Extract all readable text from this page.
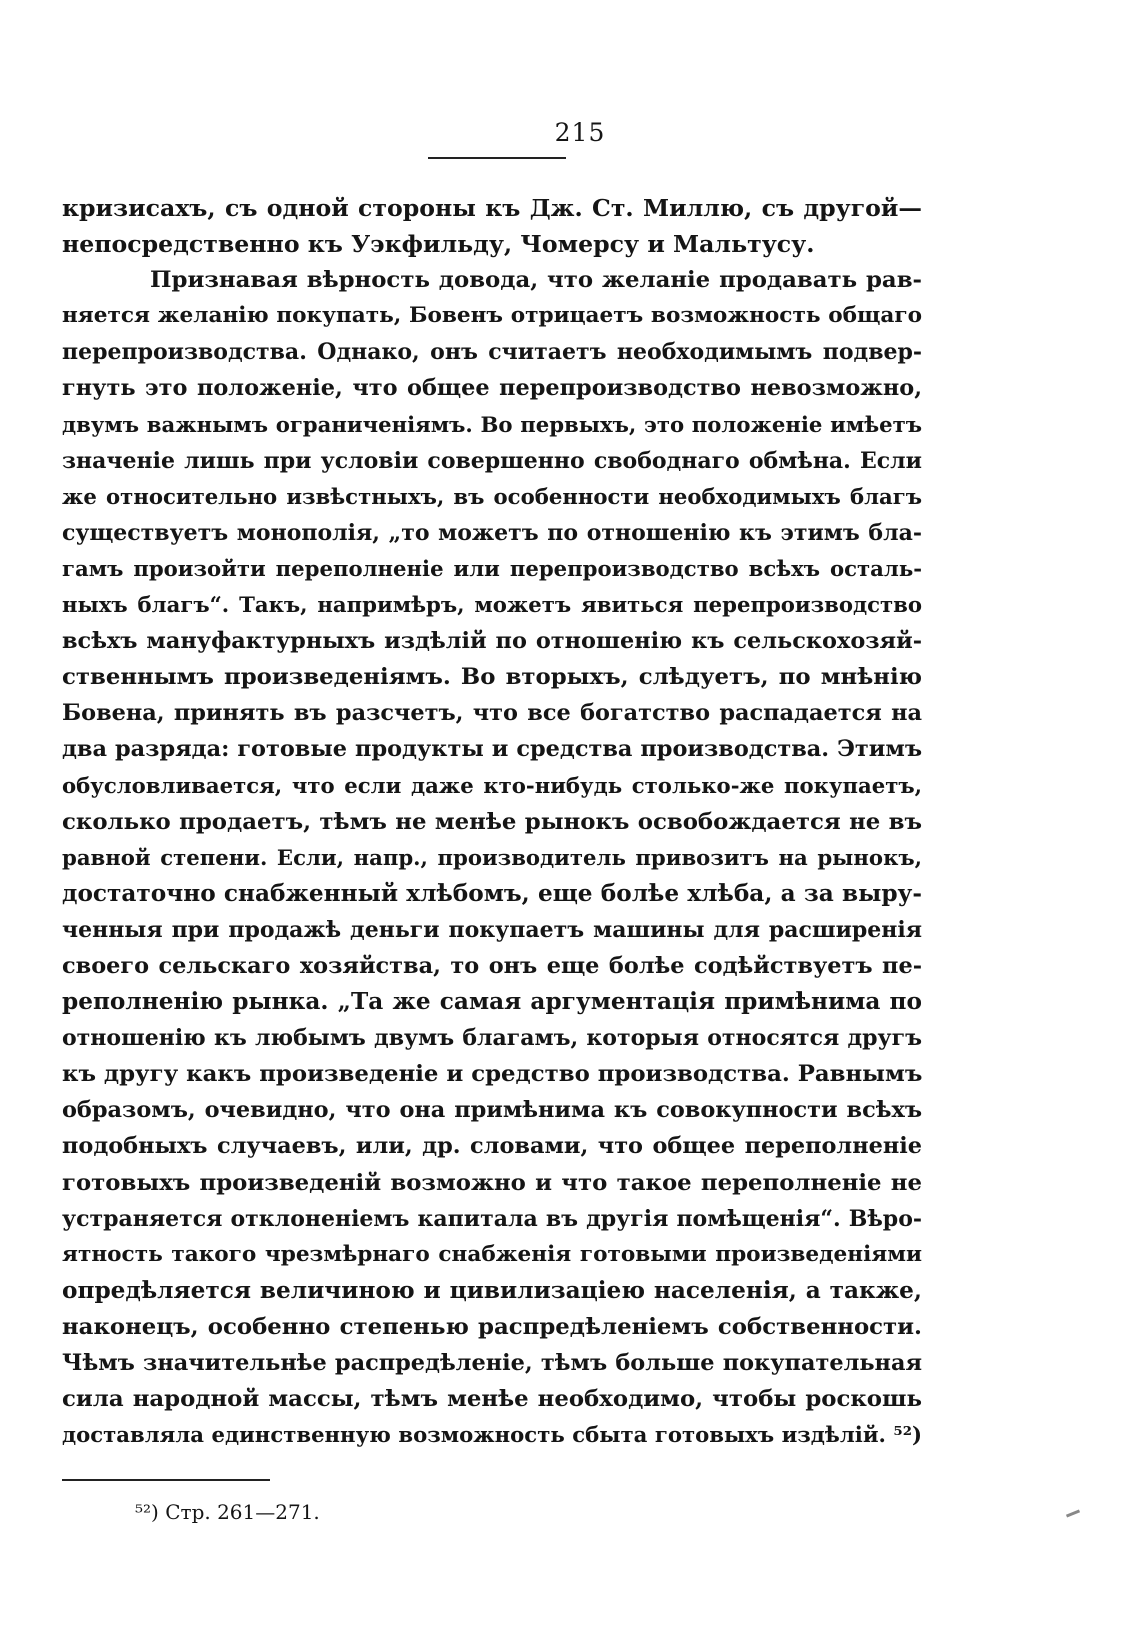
215
кризисахъ, съ одной стороны къ Дж. Ст. Миллю, съ другой—
непосредственно къ Уэкфильду, Чомерсу и Мальтусу.
Признавая вѣрность довода, что желаніе продавать рав-
няется желанію покупать, Бовенъ отрицаетъ возможность общаго
перепроизводства. Однако, онъ считаетъ необходимымъ подвер-
гнуть это положеніе, что общее перепроизводство невозможно,
двумъ важнымъ ограниченіямъ. Во первыхъ, это положеніе имѣетъ
значеніе лишь при условіи совершенно свободнаго обмѣна. Если
же относительно извѣстныхъ, въ особенности необходимыхъ благъ
существуетъ монополія, „то можетъ по отношенію къ этимъ бла-
гамъ произойти переполненіе или перепроизводство всѣхъ осталь-
ныхъ благъ“. Такъ, напримѣръ, можетъ явиться перепроизводство
всѣхъ мануфактурныхъ издѣлій по отношенію къ сельскохозяй-
ственнымъ произведеніямъ. Во вторыхъ, слѣдуетъ, по мнѣнію
Бовена, принять въ разсчетъ, что все богатство распадается на
два разряда: готовые продукты и средства производства. Этимъ
обусловливается, что если даже кто-нибудь столько-же покупаетъ,
сколько продаетъ, тѣмъ не менѣе рынокъ освобождается не въ
равной степени. Если, напр., производитель привозитъ на рынокъ,
достаточно снабженный хлѣбомъ, еще болѣе хлѣба, а за выру-
ченныя при продажѣ деньги покупаетъ машины для расширенія
своего сельскаго хозяйства, то онъ еще болѣе содѣйствуетъ пе-
реполненію рынка. „Та же самая аргументація примѣнима по
отношенію къ любымъ двумъ благамъ, которыя относятся другъ
къ другу какъ произведеніе и средство производства. Равнымъ
образомъ, очевидно, что она примѣнима къ совокупности всѣхъ
подобныхъ случаевъ, или, др. словами, что общее переполненіе
готовыхъ произведеній возможно и что такое переполненіе не
устраняется отклоненіемъ капитала въ другія помѣщенія“. Вѣро-
ятность такого чрезмѣрнаго снабженія готовыми произведеніями
опредѣляется величиною и цивилизаціею населенія, а также,
наконецъ, особенно степенью распредѣленіемъ собственности.
Чѣмъ значительнѣе распредѣленіе, тѣмъ больше покупательная
сила народной массы, тѣмъ менѣе необходимо, чтобы роскошь
доставляла единственную возможность сбыта готовыхъ издѣлій. ⁵²)
⁵²) Стр. 261—271.
